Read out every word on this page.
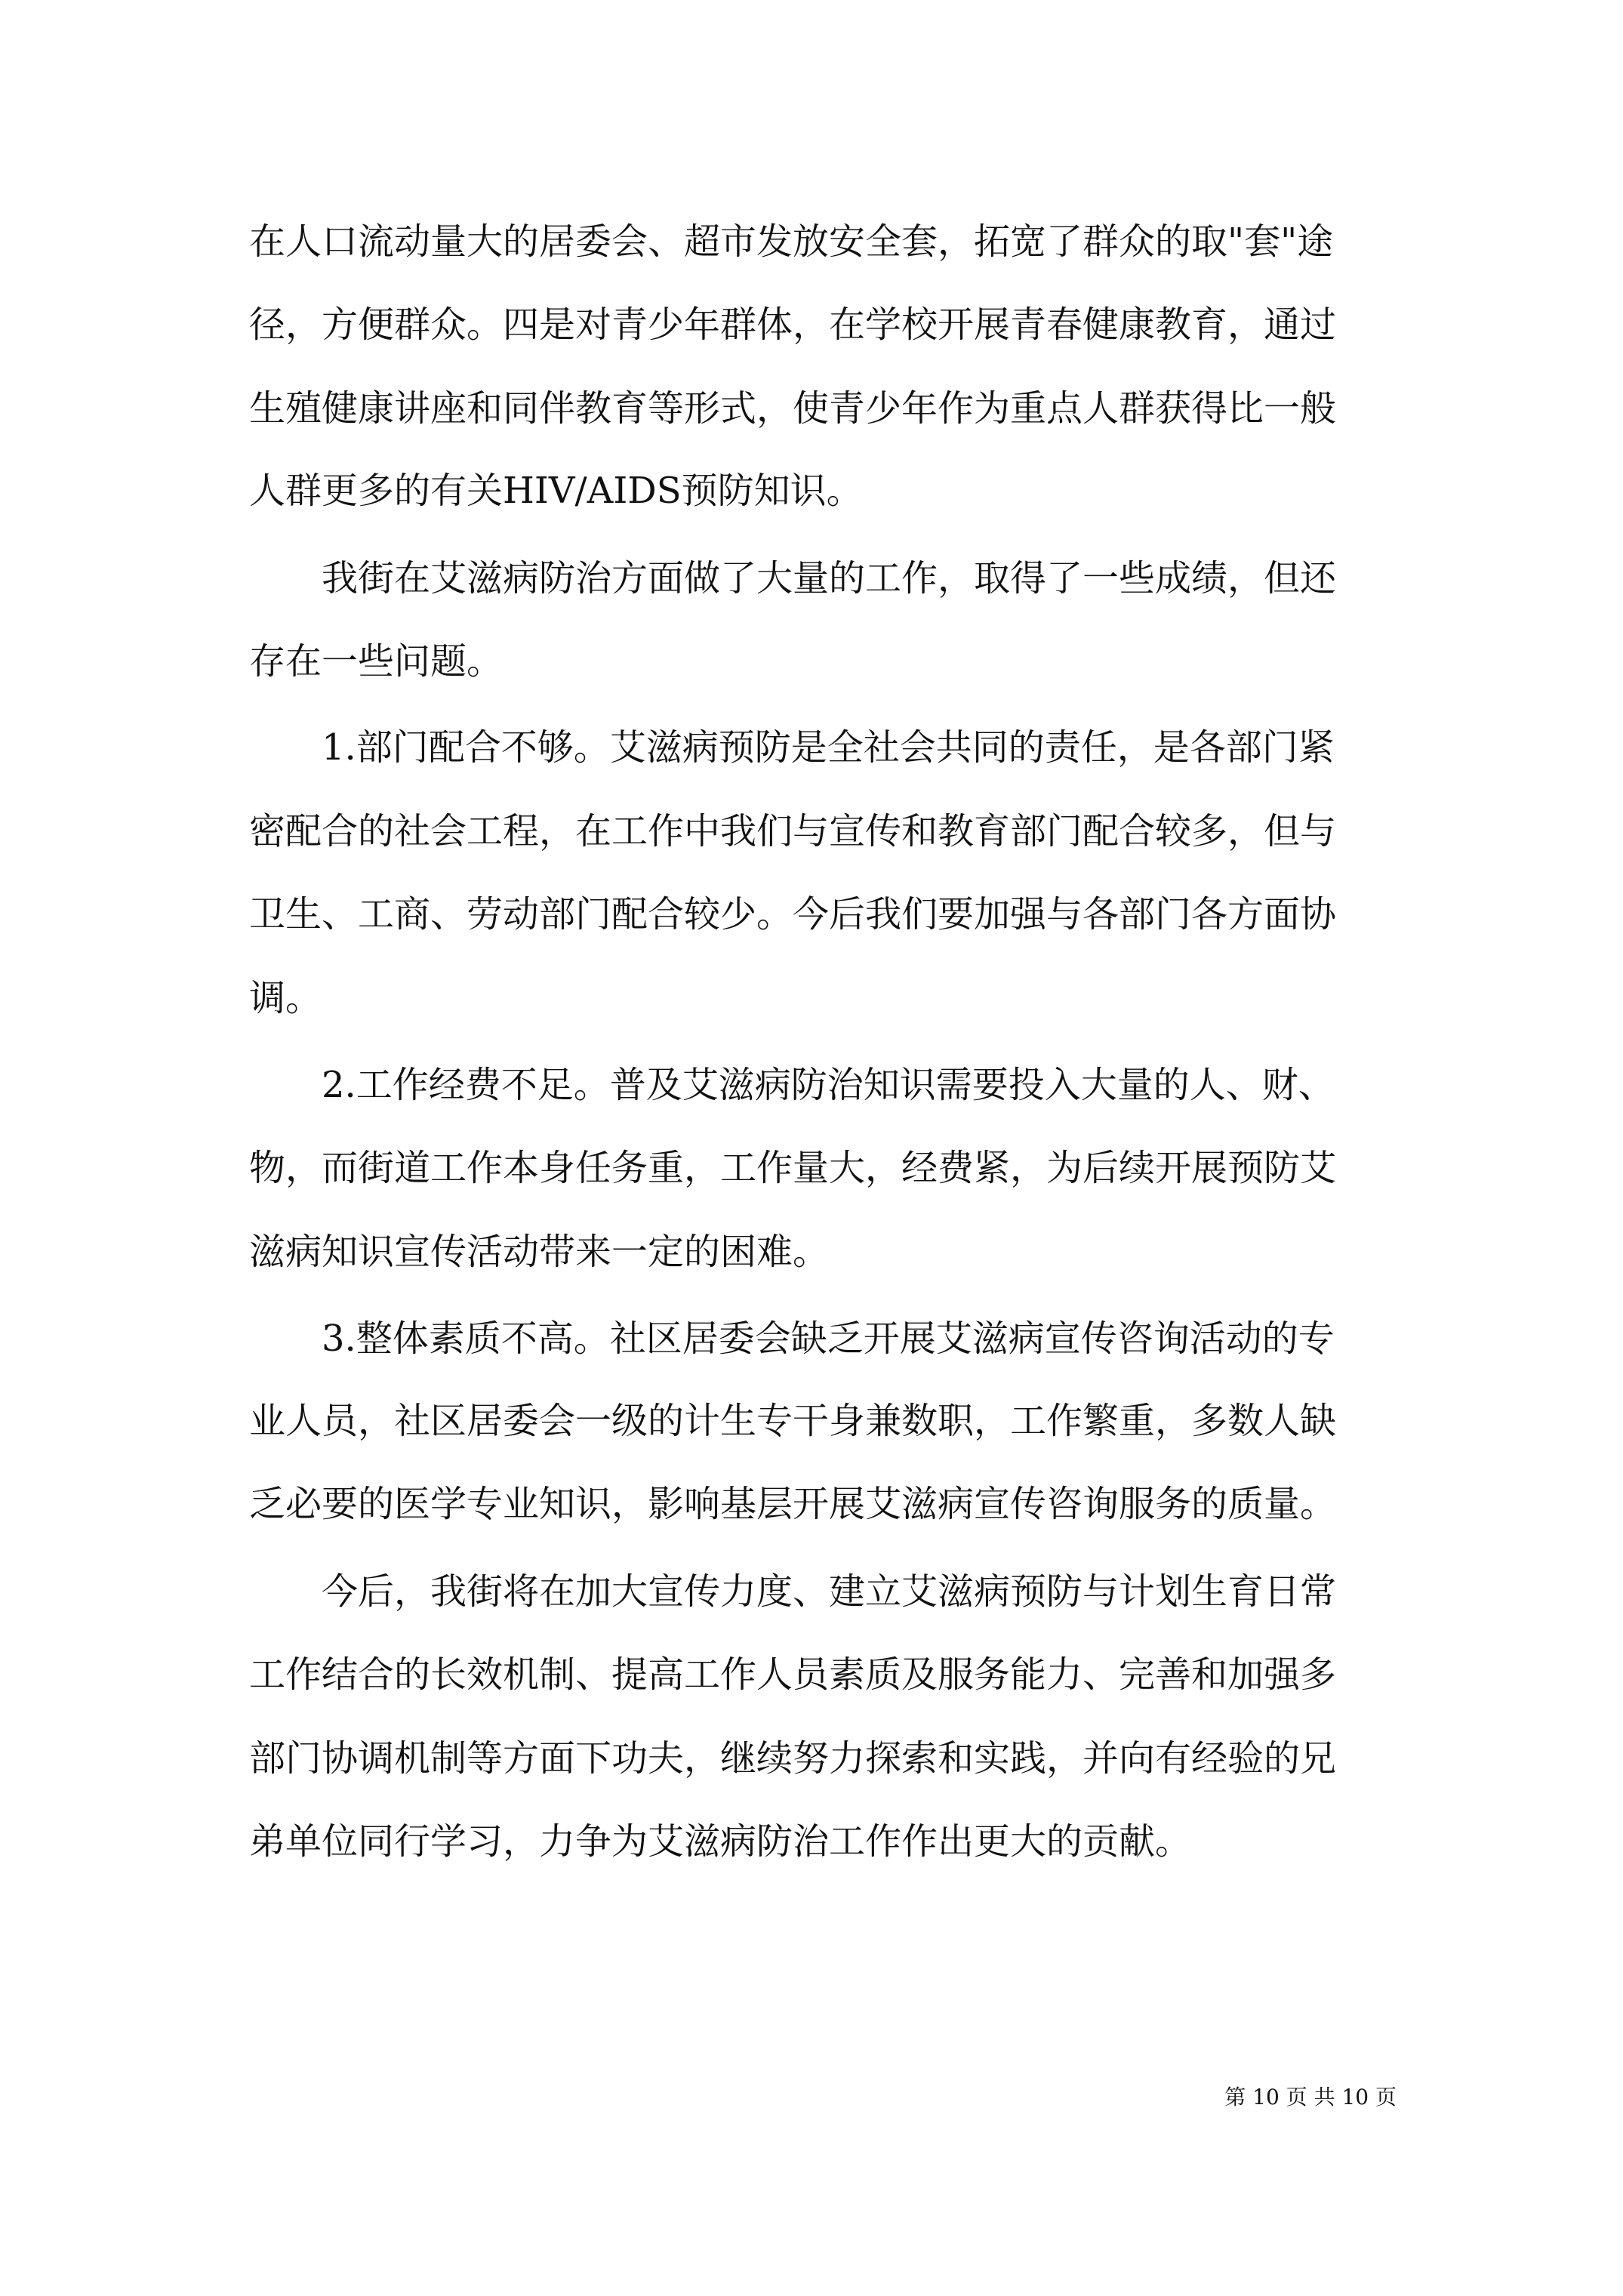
在人口流动量大的居委会、超市发放安全套，拓宽了群众的取"套"途
径，方便群众。四是对青少年群体，在学校开展青春健康教育，通过
生殖健康讲座和同伴教育等形式，使青少年作为重点人群获得比一般
人群更多的有关HIV/AIDS预防知识。
我街在艾滋病防治方面做了大量的工作，取得了一些成绩，但还
存在一些问题。
1.部门配合不够。艾滋病预防是全社会共同的责任，是各部门紧
密配合的社会工程，在工作中我们与宣传和教育部门配合较多，但与
卫生、工商、劳动部门配合较少。今后我们要加强与各部门各方面协
调。
2.工作经费不足。普及艾滋病防治知识需要投入大量的人、财、
物，而街道工作本身任务重，工作量大，经费紧，为后续开展预防艾
滋病知识宣传活动带来一定的困难。
3.整体素质不高。社区居委会缺乏开展艾滋病宣传咨询活动的专
业人员，社区居委会一级的计生专干身兼数职，工作繁重，多数人缺
乏必要的医学专业知识，影响基层开展艾滋病宣传咨询服务的质量。
今后，我街将在加大宣传力度、建立艾滋病预防与计划生育日常
工作结合的长效机制、提高工作人员素质及服务能力、完善和加强多
部门协调机制等方面下功夫，继续努力探索和实践，并向有经验的兄
弟单位同行学习，力争为艾滋病防治工作作出更大的贡献。
第 10 页 共 10 页
